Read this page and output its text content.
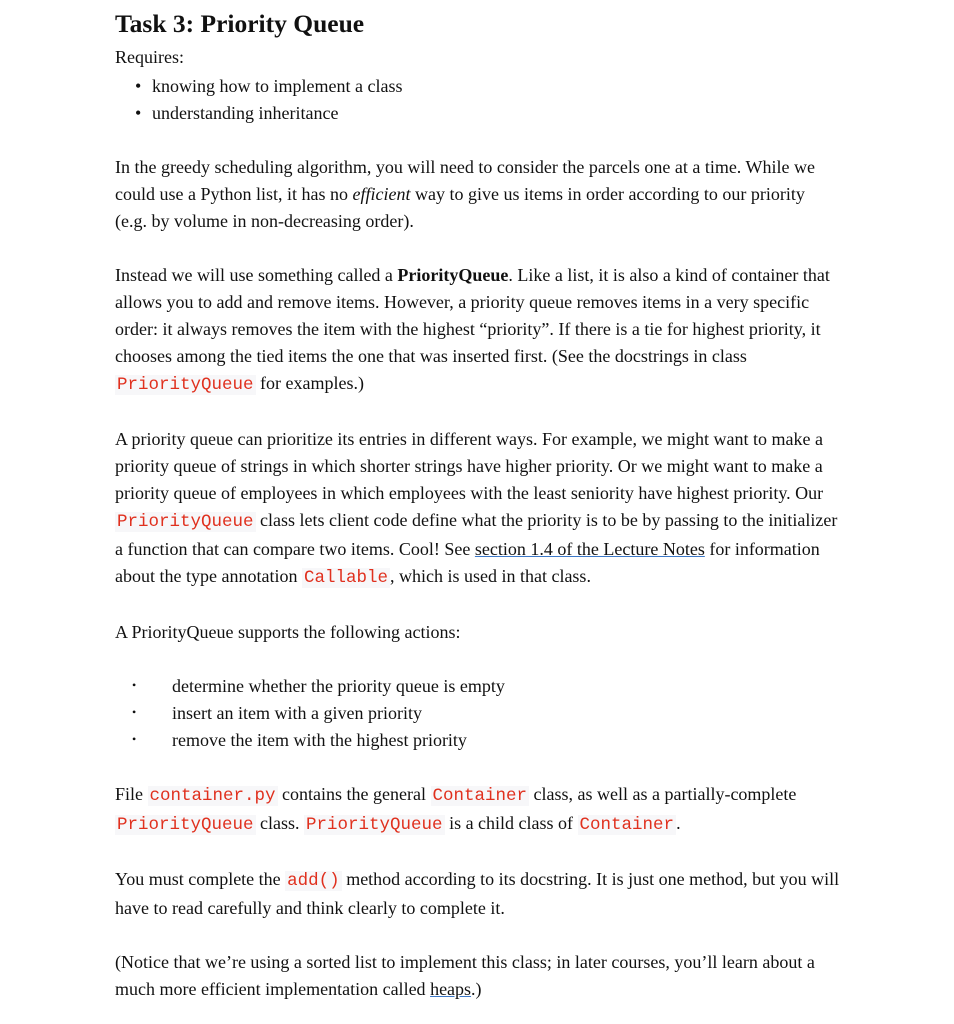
Task 3: Priority Queue

Requires:

• knowing how to implement a class
• understanding inheritance

In the greedy scheduling algorithm, you will need to consider the parcels one at a time. While we could use a Python list, it has no efficient way to give us items in order according to our priority (e.g. by volume in non-decreasing order).

Instead we will use something called a PriorityQueue. Like a list, it is also a kind of container that allows you to add and remove items. However, a priority queue removes items in a very specific order: it always removes the item with the highest “priority”. If there is a tie for highest priority, it chooses among the tied items the one that was inserted first. (See the docstrings in class PriorityQueue for examples.)

A priority queue can prioritize its entries in different ways. For example, we might want to make a priority queue of strings in which shorter strings have higher priority. Or we might want to make a priority queue of employees in which employees with the least seniority have highest priority. Our PriorityQueue class lets client code define what the priority is to be by passing to the initializer a function that can compare two items. Cool! See section 1.4 of the Lecture Notes for information about the type annotation Callable , which is used in that class.

A PriorityQueue supports the following actions:

• determine whether the priority queue is empty
• insert an item with a given priority
• remove the item with the highest priority

File container.py contains the general Container class, as well as a partially-complete PriorityQueue class. PriorityQueue is a child class of Container .

You must complete the add() method according to its docstring. It is just one method, but you will have to read carefully and think clearly to complete it.

(Notice that we’re using a sorted list to implement this class; in later courses, you’ll learn about a much more efficient implementation called heaps.)
